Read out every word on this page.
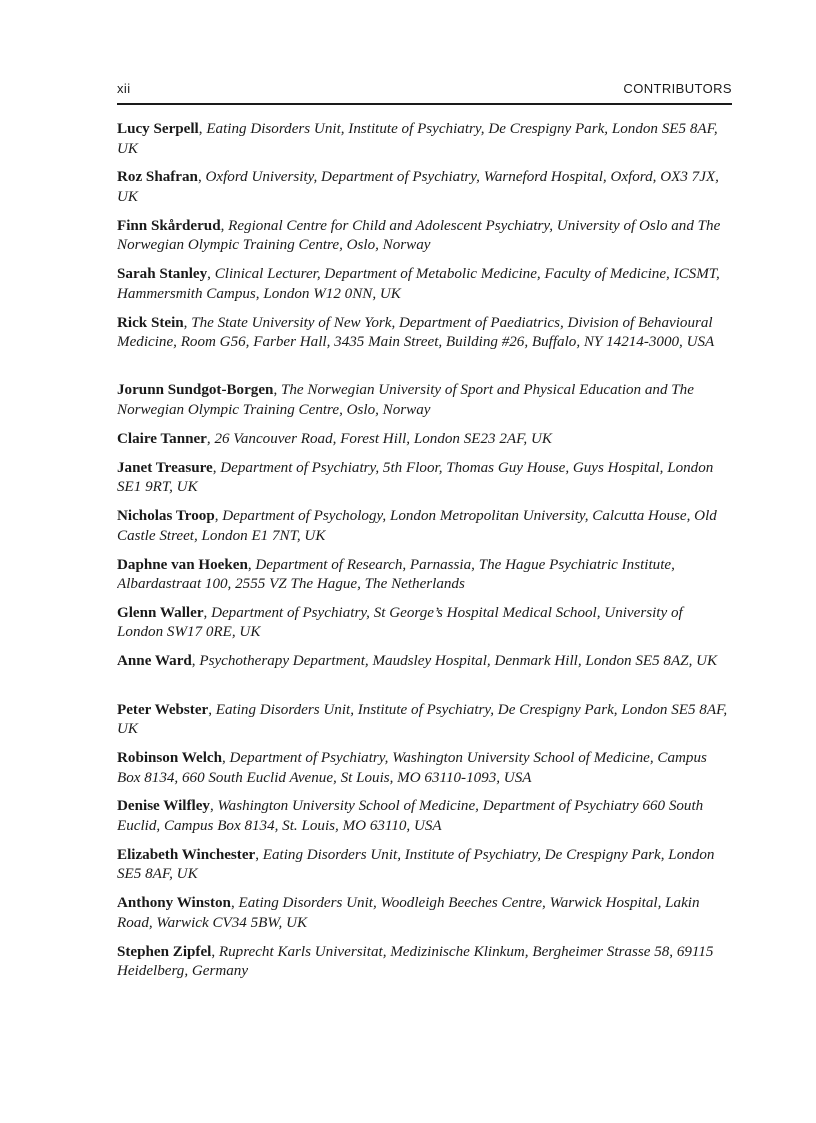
xii	CONTRIBUTORS

Lucy Serpell, Eating Disorders Unit, Institute of Psychiatry, De Crespigny Park, London SE5 8AF, UK

Roz Shafran, Oxford University, Department of Psychiatry, Warneford Hospital, Oxford, OX3 7JX, UK

Finn Skårderud, Regional Centre for Child and Adolescent Psychiatry, University of Oslo and The Norwegian Olympic Training Centre, Oslo, Norway

Sarah Stanley, Clinical Lecturer, Department of Metabolic Medicine, Faculty of Medicine, ICSMT, Hammersmith Campus, London W12 0NN, UK

Rick Stein, The State University of New York, Department of Paediatrics, Division of Behavioural Medicine, Room G56, Farber Hall, 3435 Main Street, Building #26, Buffalo, NY 14214-3000, USA

Jorunn Sundgot-Borgen, The Norwegian University of Sport and Physical Education and The Norwegian Olympic Training Centre, Oslo, Norway

Claire Tanner, 26 Vancouver Road, Forest Hill, London SE23 2AF, UK

Janet Treasure, Department of Psychiatry, 5th Floor, Thomas Guy House, Guys Hospital, London SE1 9RT, UK

Nicholas Troop, Department of Psychology, London Metropolitan University, Calcutta House, Old Castle Street, London E1 7NT, UK

Daphne van Hoeken, Department of Research, Parnassia, The Hague Psychiatric Institute, Albardastraat 100, 2555 VZ The Hague, The Netherlands

Glenn Waller, Department of Psychiatry, St George’s Hospital Medical School, University of London SW17 0RE, UK

Anne Ward, Psychotherapy Department, Maudsley Hospital, Denmark Hill, London SE5 8AZ, UK

Peter Webster, Eating Disorders Unit, Institute of Psychiatry, De Crespigny Park, London SE5 8AF, UK

Robinson Welch, Department of Psychiatry, Washington University School of Medicine, Campus Box 8134, 660 South Euclid Avenue, St Louis, MO 63110-1093, USA

Denise Wilfley, Washington University School of Medicine, Department of Psychiatry 660 South Euclid, Campus Box 8134, St. Louis, MO 63110, USA

Elizabeth Winchester, Eating Disorders Unit, Institute of Psychiatry, De Crespigny Park, London SE5 8AF, UK

Anthony Winston, Eating Disorders Unit, Woodleigh Beeches Centre, Warwick Hospital, Lakin Road, Warwick CV34 5BW, UK

Stephen Zipfel, Ruprecht Karls Universitat, Medizinische Klinkum, Bergheimer Strasse 58, 69115 Heidelberg, Germany
